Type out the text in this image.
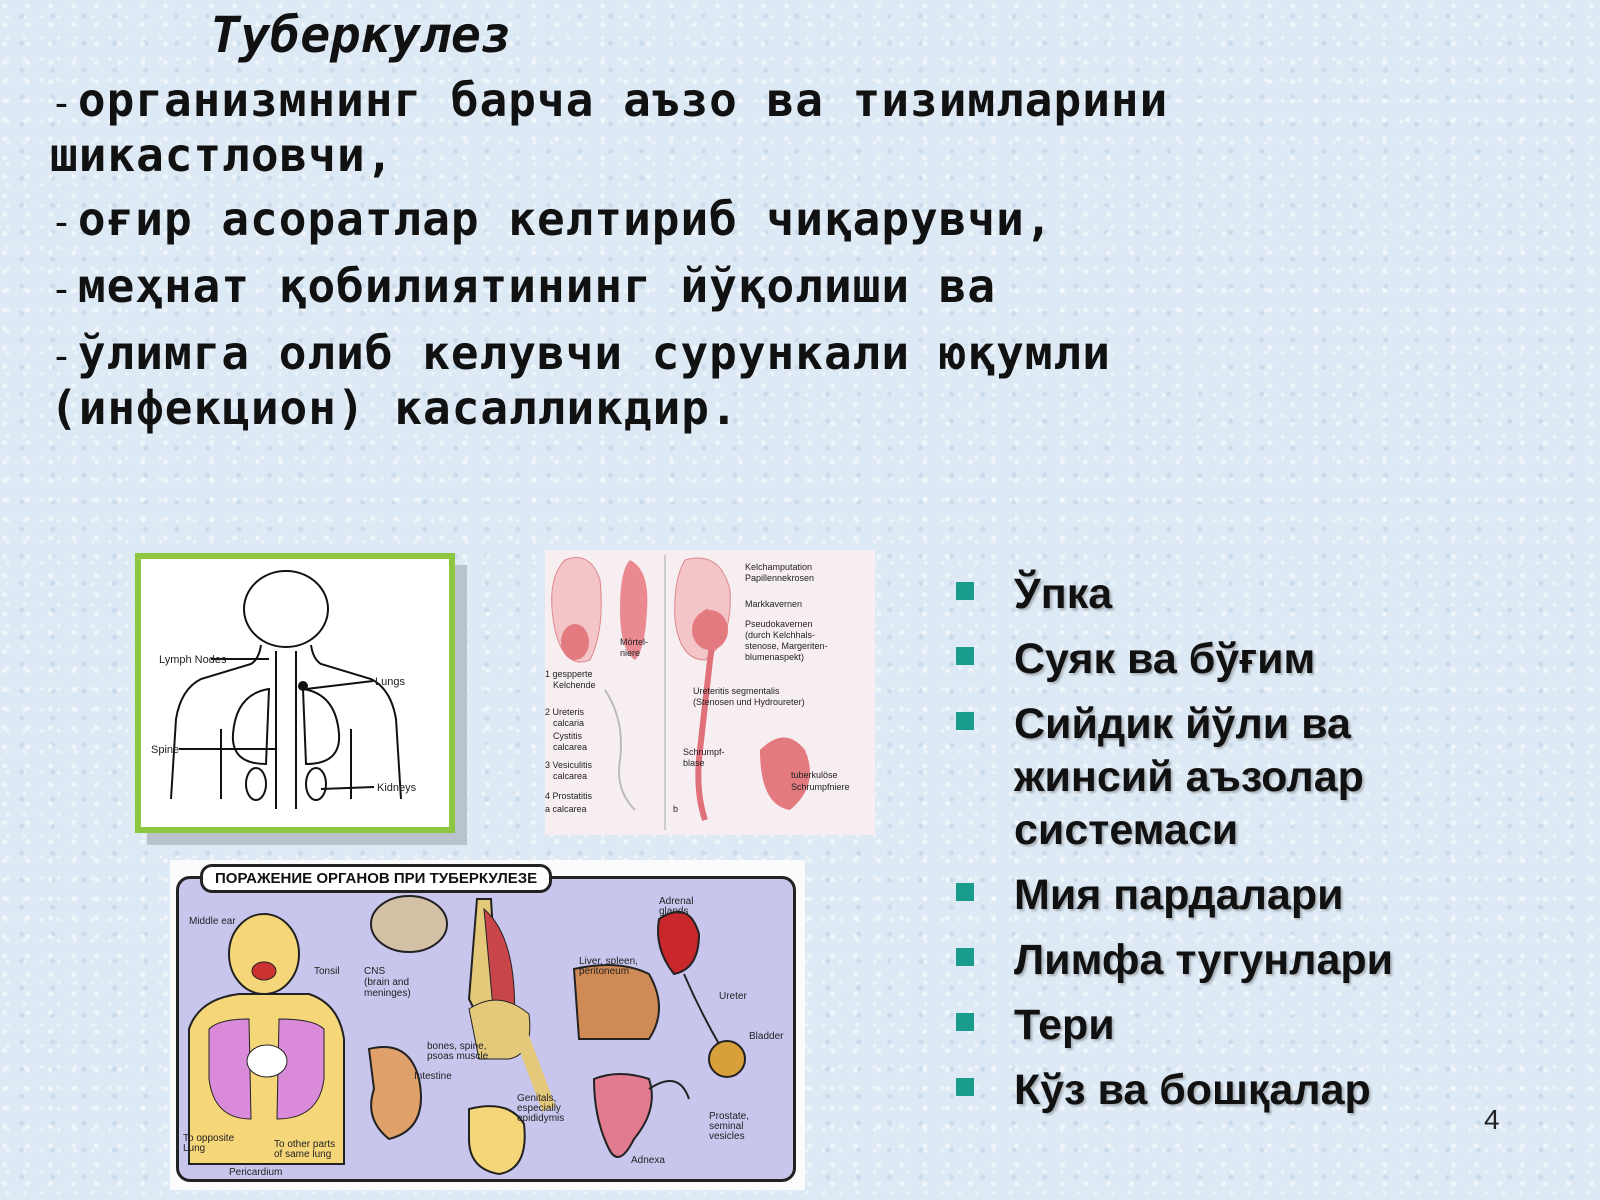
Туберкулез

-организмнинг барча аъзо ва тизимларини

шикастловчи,

-оғир асоратлар келтириб чиқарувчи,

-меҳнат қобилиятининг йўқолиши ва

-ўлимга олиб келувчи сурункали юқумли

(инфекцион) касалликдир.

Lymph Nodes
Lungs
Spine
Kidneys
Kelchamputation
Papillennekrosen
Markkavernen
Pseudokavernen
(durch Kelchhals-
stenose, Margeriten-
blumenaspekt)
Mörtel-
niere
1 gespperte
Kelchende
2 Ureteris
calcaria
Cystitis
calcarea
3 Vesiculitis
calcarea
4 Prostatitis
a calcarea
Ureteritis segmentalis
(Stenosen und Hydroureter)
Schrumpf-
blase
tuberkulöse
Schrumpfniere
b
Middle ear
Tonsil CNS
(brain and
meninges)
Adrenal
glands
Liver, spleen,
peritoneum
Ureter
Bladder
bones, spine,
psoas muscle
Intestine
Genitals,
especially
epididymis	Prostate,
seminal
vesicles
Adnexa
To opposite
Lung	To other parts
of same lung
Pericardium
ПОРАЖЕНИЕ ОРГАНОВ ПРИ ТУБЕРКУЛЕЗЕ
Ўпка
Суяк ва бўғим
Сийдик йўли ва жинсий аъзолар системаси
Мия пардалари
Лимфа тугунлари
Тери
Кўз ва бошқалар
4
